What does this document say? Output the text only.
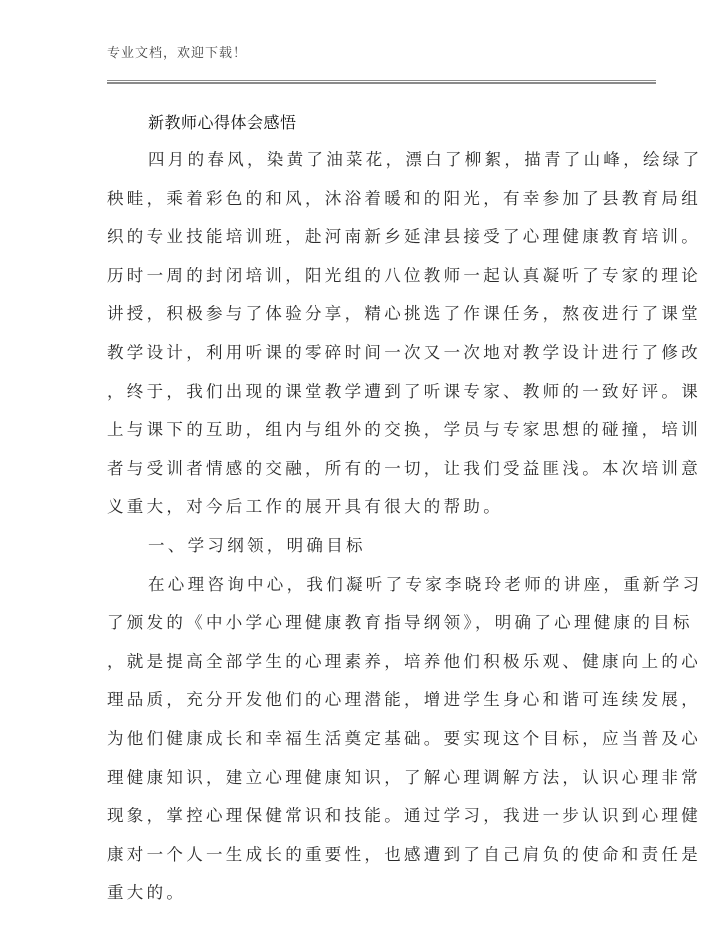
专业文档，欢迎下载！
新教师心得体会感悟
四月的春风，染黄了油菜花，漂白了柳絮，描青了山峰，绘绿了
秧畦，乘着彩色的和风，沐浴着暖和的阳光，有幸参加了县教育局组
织的专业技能培训班，赴河南新乡延津县接受了心理健康教育培训。
历时一周的封闭培训，阳光组的八位教师一起认真凝听了专家的理论
讲授，积极参与了体验分享，精心挑选了作课任务，熬夜进行了课堂
教学设计，利用听课的零碎时间一次又一次地对教学设计进行了修改
，终于，我们出现的课堂教学遭到了听课专家、教师的一致好评。课
上与课下的互助，组内与组外的交换，学员与专家思想的碰撞，培训
者与受训者情感的交融，所有的一切，让我们受益匪浅。本次培训意
义重大，对今后工作的展开具有很大的帮助。
一、学习纲领，明确目标
在心理咨询中心，我们凝听了专家李晓玲老师的讲座，重新学习
了颁发的《中小学心理健康教育指导纲领》，明确了心理健康的目标
，就是提高全部学生的心理素养，培养他们积极乐观、健康向上的心
理品质，充分开发他们的心理潜能，增进学生身心和谐可连续发展，
为他们健康成长和幸福生活奠定基础。要实现这个目标，应当普及心
理健康知识，建立心理健康知识，了解心理调解方法，认识心理非常
现象，掌控心理保健常识和技能。通过学习，我进一步认识到心理健
康对一个人一生成长的重要性，也感遭到了自己肩负的使命和责任是
重大的。
